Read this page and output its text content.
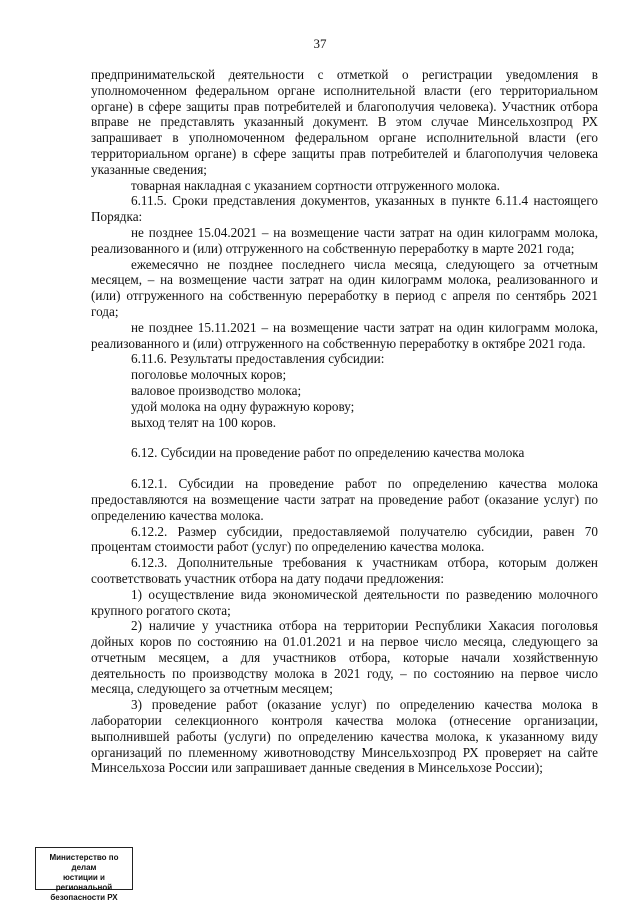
37

предпринимательской деятельности с отметкой о регистрации уведомления в уполномоченном федеральном органе исполнительной власти (его территориальном органе) в сфере защиты прав потребителей и благополучия человека). Участник отбора вправе не представлять указанный документ. В этом случае Минсельхозпрод РХ запрашивает в уполномоченном федеральном органе исполнительной власти (его территориальном органе) в сфере защиты прав потребителей и благополучия человека указанные сведения;

товарная накладная с указанием сортности отгруженного молока.

6.11.5. Сроки представления документов, указанных в пункте 6.11.4 настоящего Порядка:

не позднее 15.04.2021 – на возмещение части затрат на один килограмм молока, реализованного и (или) отгруженного на собственную переработку в марте 2021 года;

ежемесячно не позднее последнего числа месяца, следующего за отчетным месяцем, – на возмещение части затрат на один килограмм молока, реализованного и (или) отгруженного на собственную переработку в период с апреля по сентябрь 2021 года;

не позднее 15.11.2021 – на возмещение части затрат на один килограмм молока, реализованного и (или) отгруженного на собственную переработку в октябре 2021 года.

6.11.6. Результаты предоставления субсидии:

поголовье молочных коров;

валовое производство молока;

удой молока на одну фуражную корову;

выход телят на 100 коров.

6.12. Субсидии на проведение работ по определению качества молока

6.12.1. Субсидии на проведение работ по определению качества молока предоставляются на возмещение части затрат на проведение работ (оказание услуг) по определению качества молока.

6.12.2. Размер субсидии, предоставляемой получателю субсидии, равен 70 процентам стоимости работ (услуг) по определению качества молока.

6.12.3. Дополнительные требования к участникам отбора, которым должен соответствовать участник отбора на дату подачи предложения:

1) осуществление вида экономической деятельности по разведению молочного крупного рогатого скота;

2) наличие у участника отбора на территории Республики Хакасия поголовья дойных коров по состоянию на 01.01.2021 и на первое число месяца, следующего за отчетным месяцем, а для участников отбора, которые начали хозяйственную деятельность по производству молока в 2021 году, – по состоянию на первое число месяца, следующего за отчетным месяцем;

3) проведение работ (оказание услуг) по определению качества молока в лаборатории селекционного контроля качества молока (отнесение организации, выполнившей работы (услуги) по определению качества молока, к указанному виду организаций по племенному животноводству Минсельхозпрод РХ проверяет на сайте Минсельхоза России или запрашивает данные сведения в Минсельхозе России);

Министерство по делам
юстиции и региональной
безопасности РХ
